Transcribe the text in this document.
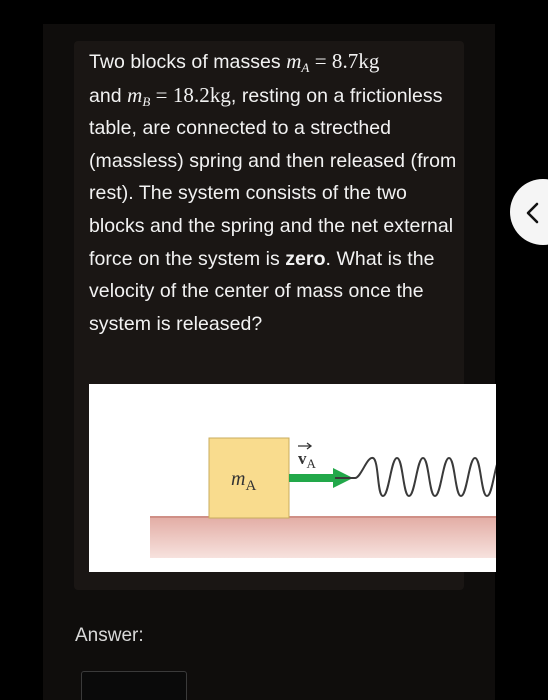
Two blocks of masses $m_A = 8.7kg$
and $m_B = 18.2kg$, resting on a frictionless table, are connected to a strecthed (massless) spring and then released (from rest). The system consists of the two blocks and the spring and the net external force on the system is zero. What is the velocity of the center of mass once the system is released?
$m_A$
$v_A$
Answer:
